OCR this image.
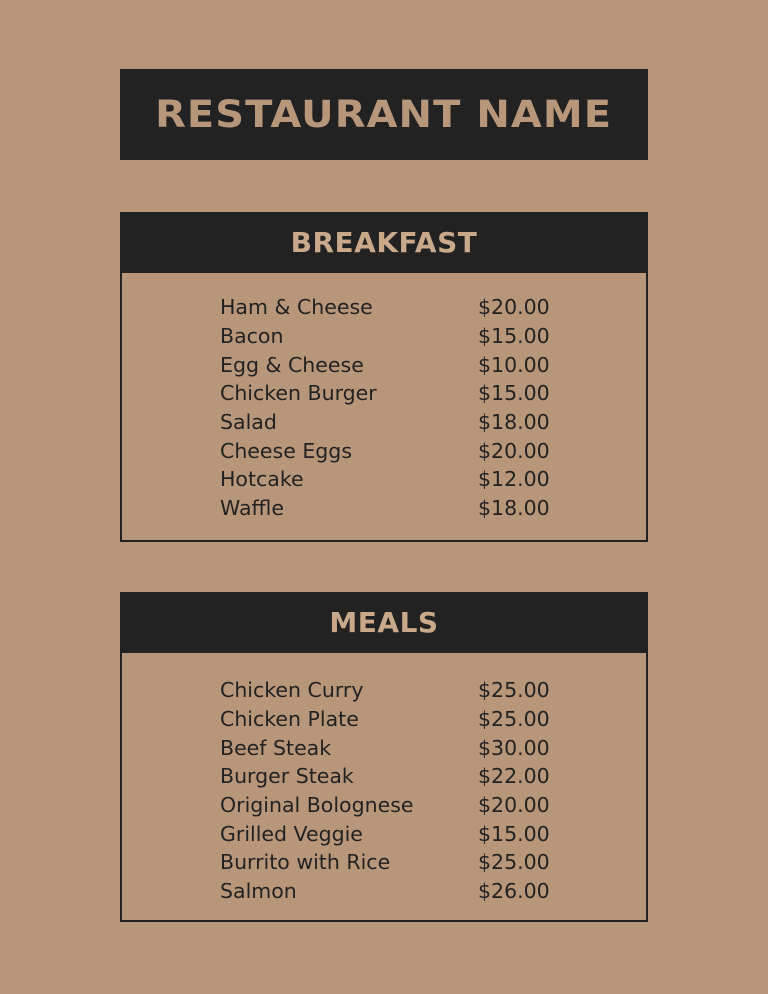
RESTAURANT NAME
BREAKFAST
Ham & Cheese	$20.00
Bacon	$15.00
Egg & Cheese	$10.00
Chicken Burger	$15.00
Salad	$18.00
Cheese Eggs	$20.00
Hotcake	$12.00
Waffle	$18.00
MEALS
Chicken Curry	$25.00
Chicken Plate	$25.00
Beef Steak	$30.00
Burger Steak	$22.00
Original Bolognese	$20.00
Grilled Veggie	$15.00
Burrito with Rice	$25.00
Salmon	$26.00
